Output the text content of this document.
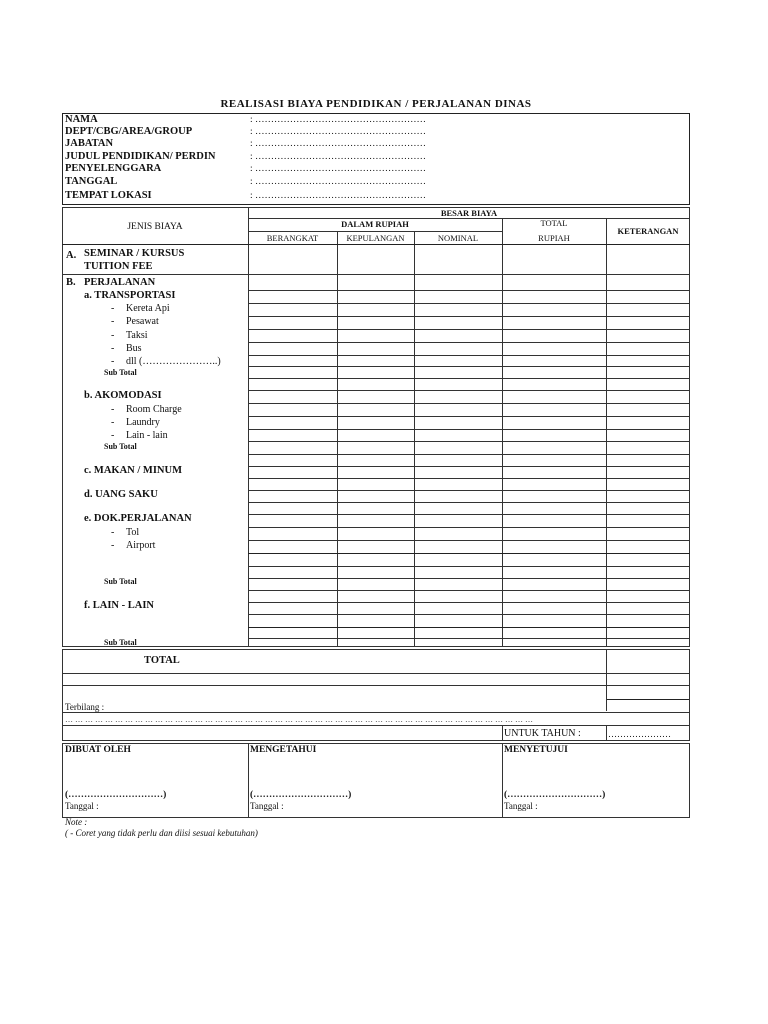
REALISASI BIAYA PENDIDIKAN / PERJALANAN DINAS
NAMA	: ………………………………………………
DEPT/CBG/AREA/GROUP	: ………………………………………………
JABATAN	: ………………………………………………
JUDUL PENDIDIKAN/ PERDIN	: ………………………………………………
PENYELENGGARA	: ………………………………………………
TANGGAL	: ………………………………………………
TEMPAT LOKASI	: ………………………………………………
JENIS BIAYA
BESAR BIAYA
DALAM RUPIAH
BERANGKAT	KEPULANGAN	NOMINAL
TOTAL
RUPIAH
KETERANGAN
A. SEMINAR / KURSUS
TUITION FEE
B. PERJALANAN
a. TRANSPORTASI
- Kereta Api
- Pesawat
- Taksi
- Bus
- dll (…………………..)
Sub Total
b. AKOMODASI
- Room Charge
- Laundry
- Lain - lain
Sub Total
c. MAKAN / MINUM
d. UANG SAKU
e. DOK.PERJALANAN
- Tol
- Airport
Sub Total
f. LAIN - LAIN
Sub Total
TOTAL
Terbilang :
… … … … … … … … … … … … … … … … … … … … … … … … … … … … … … … … … … … … … … … … … … … … … … …
UNTUK TAHUN :	…………………
DIBUAT OLEH
(…………………………)
Tanggal :
MENGETAHUI
(…………………………)
Tanggal :
MENYETUJUI
(…………………………)
Tanggal :
Note :
( - Coret yang tidak perlu dan diisi sesuai kebutuhan)
